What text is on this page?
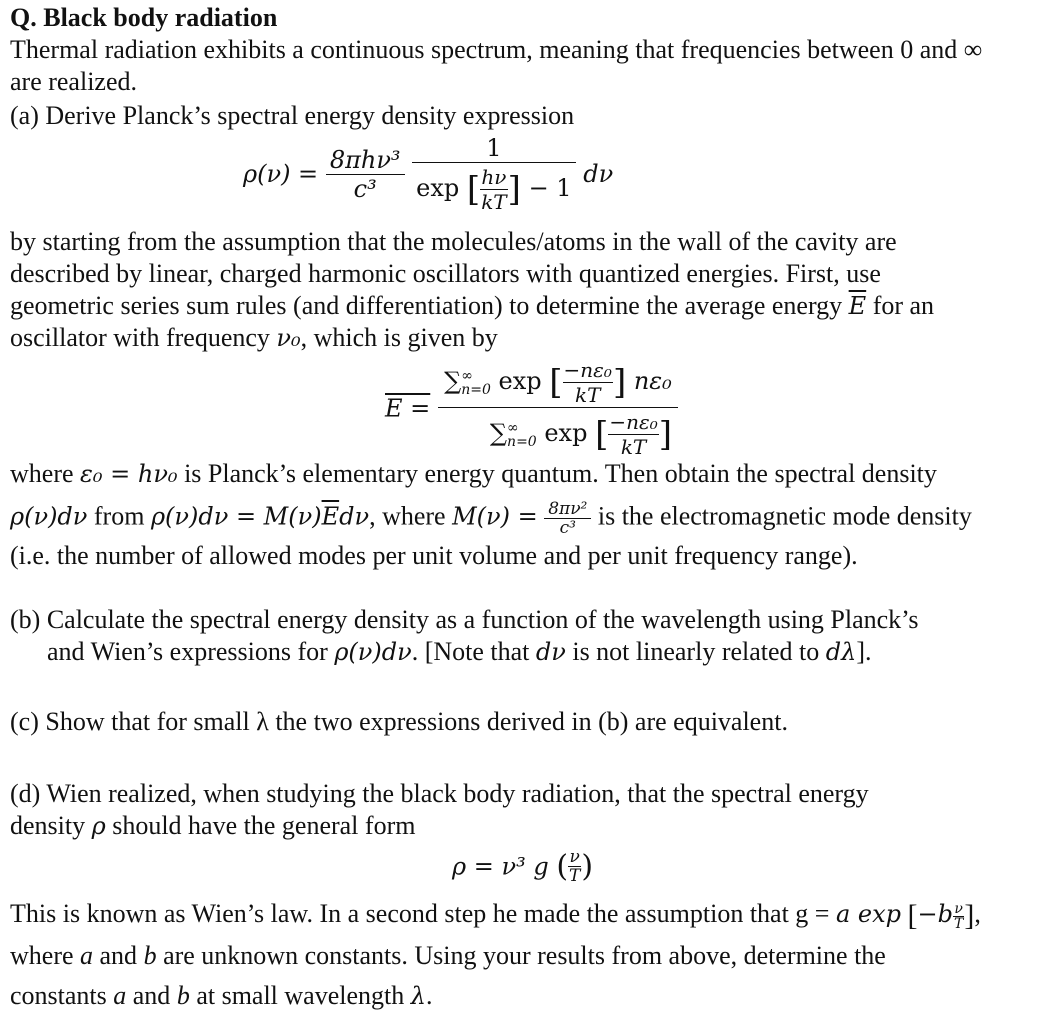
Q. Black body radiation
Thermal radiation exhibits a continuous spectrum, meaning that frequencies between 0 and ∞
are realized.
(a) Derive Planck’s spectral energy density expression
$\rho(\nu) = \frac{\text{8πhν³}}{\text{c³}}$
$\frac{1}{\exp [ \frac{h\nu}{kT} ] - 1}$ dν
by starting from the assumption that the molecules/atoms in the wall of the cavity are
described by linear, charged harmonic oscillators with quantized energies. First, use
geometric series sum rules (and differentiation) to determine the average energy $\overline{E}$ for an
oscillator with frequency ν₀, which is given by
E =
∑ ∞
n=0 exp [ $\frac{\text{−nε₀}}{kT}$ ] nε₀
∑ ∞
n=0 exp [ $\frac{\text{−nε₀}}{kT}$ ]
where ε₀ = hν₀ is Planck’s elementary energy quantum. Then obtain the spectral density
ρ(ν)dν from $\rho(\nu)d\nu = M(\nu)\overline{E}d\nu$, where $M(\nu) = \frac{\text{8πν²}}{\text{c³}}$ is the electromagnetic mode density
(i.e. the number of allowed modes per unit volume and per unit frequency range).
(b) Calculate the spectral energy density as a function of the wavelength using Planck’s
and Wien’s expressions for ρ(ν)dν. [Note that dν is not linearly related to dλ].
(c) Show that for small λ the two expressions derived in (b) are equivalent.
(d) Wien realized, when studying the black body radiation, that the spectral energy
density ρ should have the general form
ρ = ν³ g ( $\frac{\nu}{T}$ )
This is known as Wien’s law. In a second step he made the assumption that g = a $\exp [-b \frac{\nu}{T}$ ],
where a and b are unknown constants. Using your results from above, determine the
constants a and b at small wavelength λ.
